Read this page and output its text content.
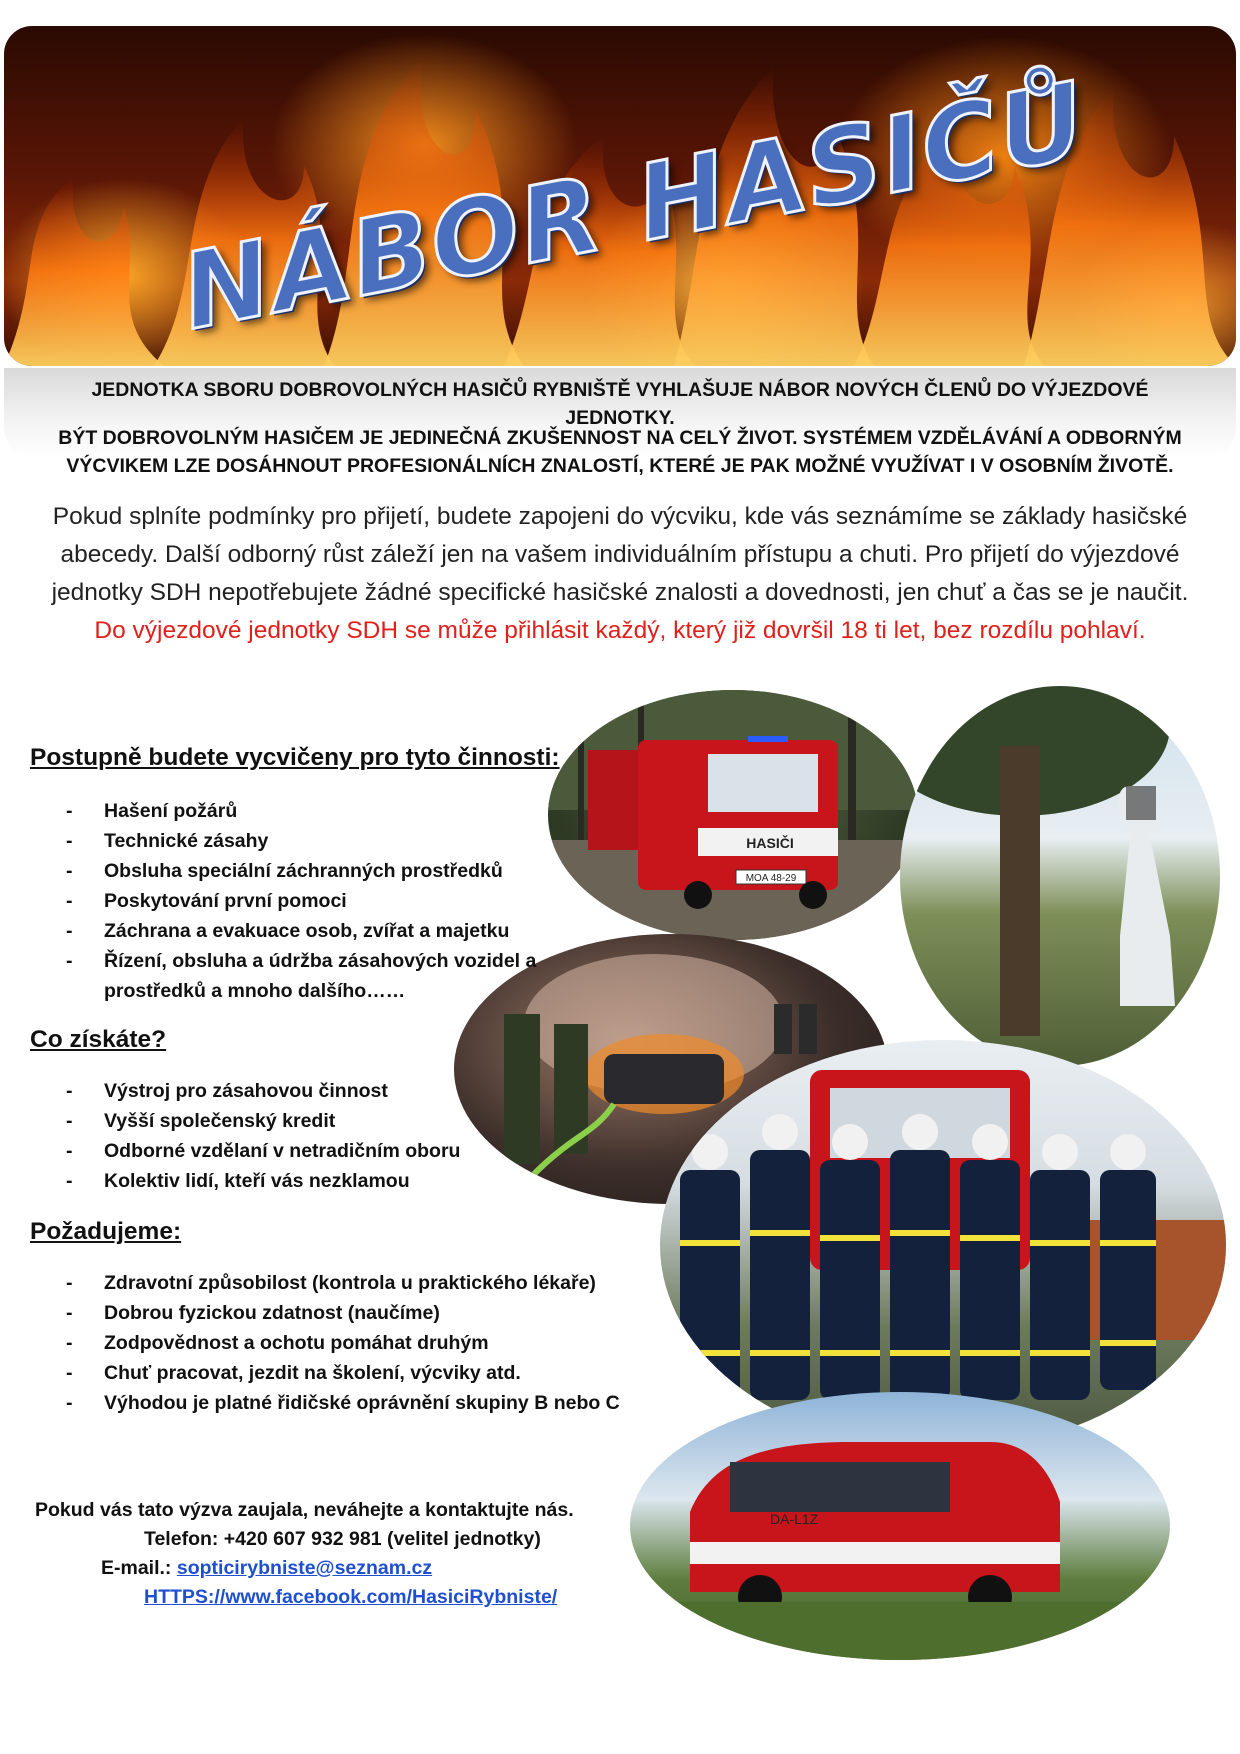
NÁBOR HASIČŮ
JEDNOTKA SBORU DOBROVOLNÝCH HASIČŮ RYBNIŠTĚ VYHLAŠUJE NÁBOR NOVÝCH ČLENŮ DO VÝJEZDOVÉ JEDNOTKY.
BÝT DOBROVOLNÝM HASIČEM JE JEDINEČNÁ ZKUŠENNOST NA CELÝ ŽIVOT. SYSTÉMEM VZDĚLÁVÁNÍ A ODBORNÝM
VÝCVIKEM LZE DOSÁHNOUT PROFESIONÁLNÍCH ZNALOSTÍ, KTERÉ JE PAK MOŽNÉ VYUŽÍVAT I V OSOBNÍM ŽIVOTĚ.
Pokud splníte podmínky pro přijetí, budete zapojeni do výcviku, kde vás seznámíme se základy hasičské abecedy. Další odborný růst záleží jen na vašem individuálním přístupu a chuti. Pro přijetí do výjezdové jednotky SDH nepotřebujete žádné specifické hasičské znalosti a dovednosti, jen chuť a čas se je naučit.
Do výjezdové jednotky SDH se může přihlásit každý, který již dovršil 18 ti let, bez rozdílu pohlaví.
HASIČI
MOA 48-29
DA-L1Z
Postupně budete vycvičeny pro tyto činnosti:
- Hašení požárů
- Technické zásahy
- Obsluha speciální záchranných prostředků
- Poskytování první pomoci
- Záchrana a evakuace osob, zvířat a majetku
- Řízení, obsluha a údržba zásahových vozidel a prostředků a mnoho dalšího……
Co získáte?
- Výstroj pro zásahovou činnost
- Vyšší společenský kredit
- Odborné vzdělaní v netradičním oboru
- Kolektiv lidí, kteří vás nezklamou
Požadujeme:
- Zdravotní způsobilost (kontrola u praktického lékaře)
- Dobrou fyzickou zdatnost (naučíme)
- Zodpovědnost a ochotu pomáhat druhým
- Chuť pracovat, jezdit na školení, výcviky atd.
- Výhodou je platné řidičské oprávnění skupiny B nebo C
Pokud vás tato výzva zaujala, neváhejte a kontaktujte nás.
Telefon: +420 607 932 981 (velitel jednotky)
E-mail.: sopticirybniste@seznam.cz
HTTPS://www.facebook.com/HasiciRybniste/
